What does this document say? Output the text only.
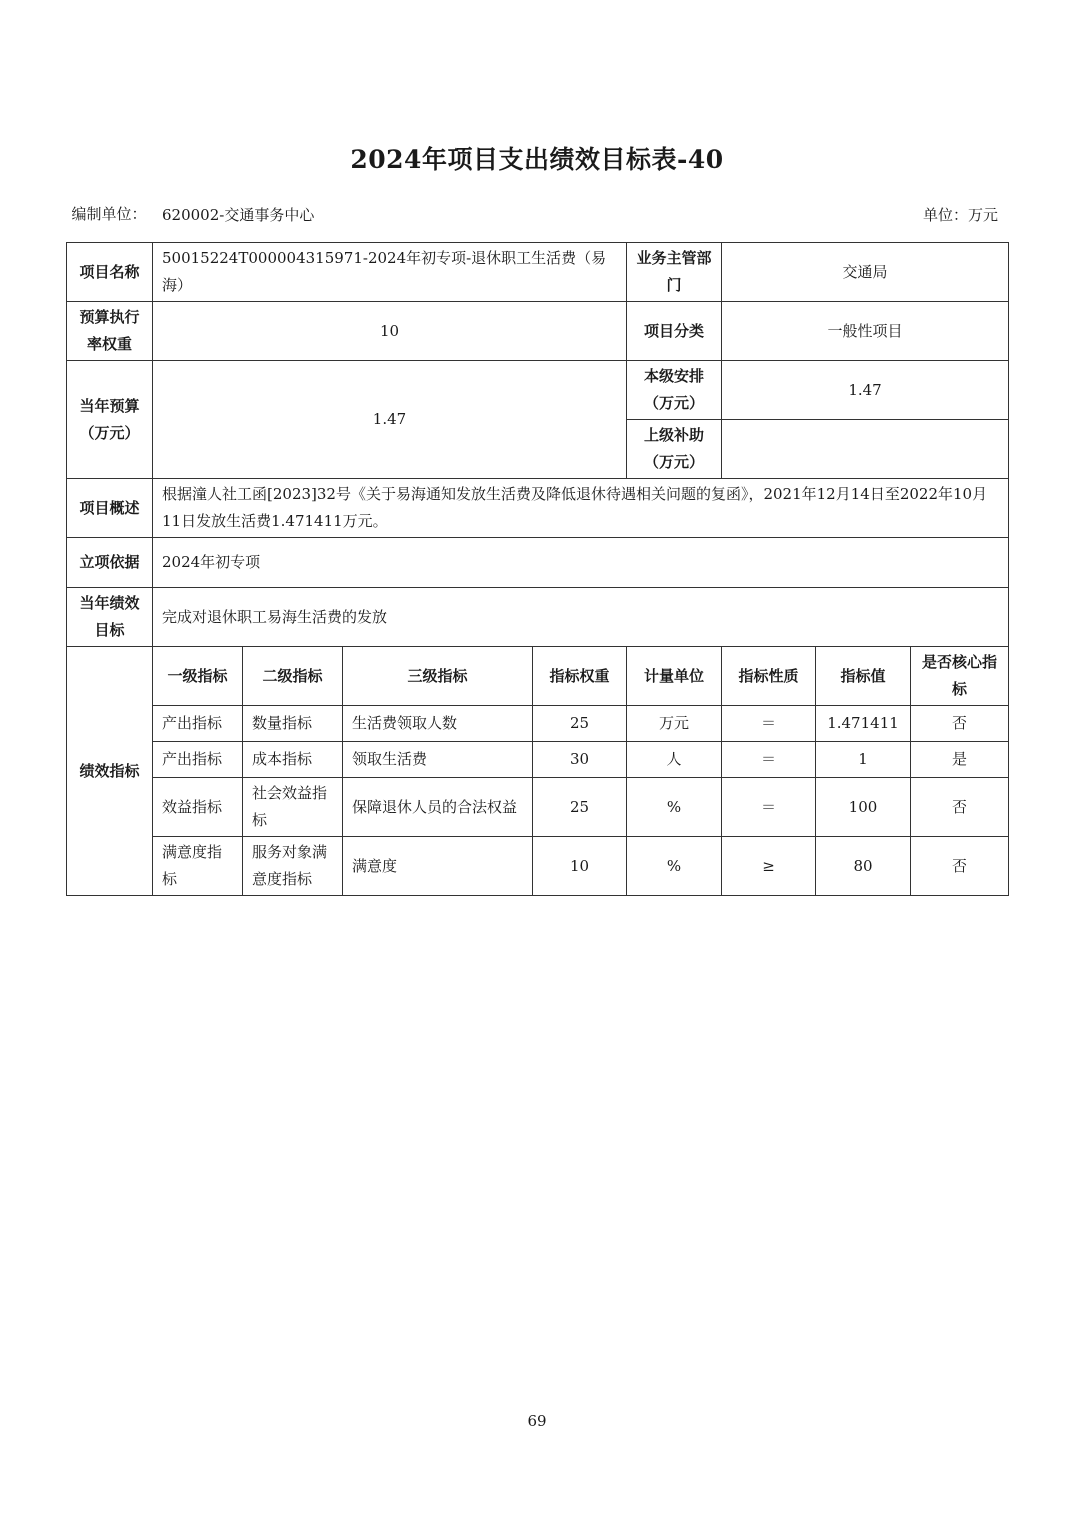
2024年项目支出绩效目标表-40
编制单位：	620002-交通事务中心	单位：万元
项目名称	50015224T000004315971-2024年初专项-退休职工生活费（易海）				业务主管部门	交通局		
预算执行率权重	10				项目分类	一般性项目		
当年预算（万元）	1.47				本级安排（万元）	1.47		
					上级补助（万元）			
项目概述	根据潼人社工函[2023]32号《关于易海通知发放生活费及降低退休待遇相关问题的复函》，2021年12月14日至2022年10月11日发放生活费1.471411万元。							
立项依据	2024年初专项							
当年绩效目标	完成对退休职工易海生活费的发放							
绩效指标	一级指标	二级指标	三级指标	指标权重	计量单位	指标性质	指标值	是否核心指标
	产出指标	数量指标	生活费领取人数	25	万元	＝	1.471411	否
	产出指标	成本指标	领取生活费	30	人	＝	1	是
	效益指标	社会效益指标	保障退休人员的合法权益	25	%	＝	100	否
	满意度指标	服务对象满意度指标	满意度	10	%	≥	80	否
69
